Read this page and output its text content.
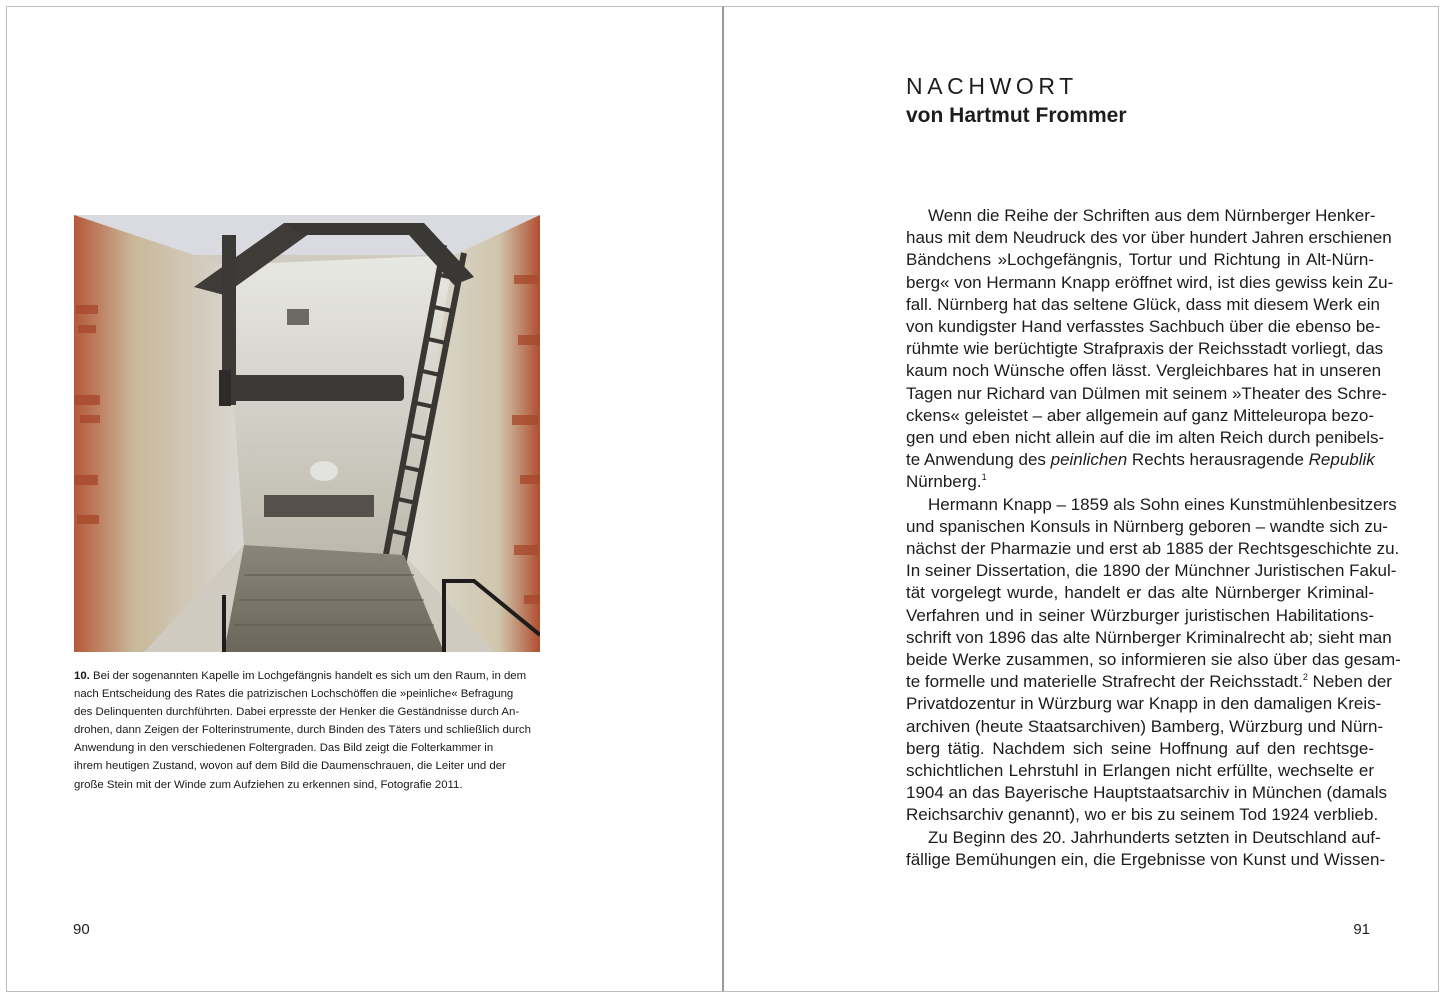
10. Bei der sogenannten Kapelle im Lochgefängnis handelt es sich um den Raum, in dem
nach Entscheidung des Rates die patrizischen Lochschöffen die »peinliche« Befragung
des Delinquenten durchführten. Dabei erpresste der Henker die Geständnisse durch An-
drohen, dann Zeigen der Folterinstrumente, durch Binden des Täters und schließlich durch
Anwendung in den verschiedenen Foltergraden. Das Bild zeigt die Folterkammer in
ihrem heutigen Zustand, wovon auf dem Bild die Daumenschrauen, die Leiter und der
große Stein mit der Winde zum Aufziehen zu erkennen sind, Fotografie 2011.

90
NACHWORT
von Hartmut Frommer
Wenn die Reihe der Schriften aus dem Nürnberger Henker-
haus mit dem Neudruck des vor über hundert Jahren erschienen
Bändchens »Lochgefängnis, Tortur und Richtung in Alt-Nürn-
berg« von Hermann Knapp eröffnet wird, ist dies gewiss kein Zu-
fall. Nürnberg hat das seltene Glück, dass mit diesem Werk ein
von kundigster Hand verfasstes Sachbuch über die ebenso be-
rühmte wie berüchtigte Strafpraxis der Reichsstadt vorliegt, das
kaum noch Wünsche offen lässt. Vergleichbares hat in unseren
Tagen nur Richard van Dülmen mit seinem »Theater des Schre-
ckens« geleistet – aber allgemein auf ganz Mitteleuropa bezo-
gen und eben nicht allein auf die im alten Reich durch penibels-
te Anwendung des peinlichen Rechts herausragende Republik
Nürnberg.$^1$
Hermann Knapp – 1859 als Sohn eines Kunstmühlenbesitzers
und spanischen Konsuls in Nürnberg geboren – wandte sich zu-
nächst der Pharmazie und erst ab 1885 der Rechtsgeschichte zu.
In seiner Dissertation, die 1890 der Münchner Juristischen Fakul-
tät vorgelegt wurde, handelt er das alte Nürnberger Kriminal-
Verfahren und in seiner Würzburger juristischen Habilitations-
schrift von 1896 das alte Nürnberger Kriminalrecht ab; sieht man
beide Werke zusammen, so informieren sie also über das gesam-
te formelle und materielle Strafrecht der Reichsstadt.$^2$ Neben der
Privatdozentur in Würzburg war Knapp in den damaligen Kreis-
archiven (heute Staatsarchiven) Bamberg, Würzburg und Nürn-
berg tätig. Nachdem sich seine Hoffnung auf den rechtsge-
schichtlichen Lehrstuhl in Erlangen nicht erfüllte, wechselte er
1904 an das Bayerische Hauptstaatsarchiv in München (damals
Reichsarchiv genannt), wo er bis zu seinem Tod 1924 verblieb.
Zu Beginn des 20. Jahrhunderts setzten in Deutschland auf-
fällige Bemühungen ein, die Ergebnisse von Kunst und Wissen-
91
